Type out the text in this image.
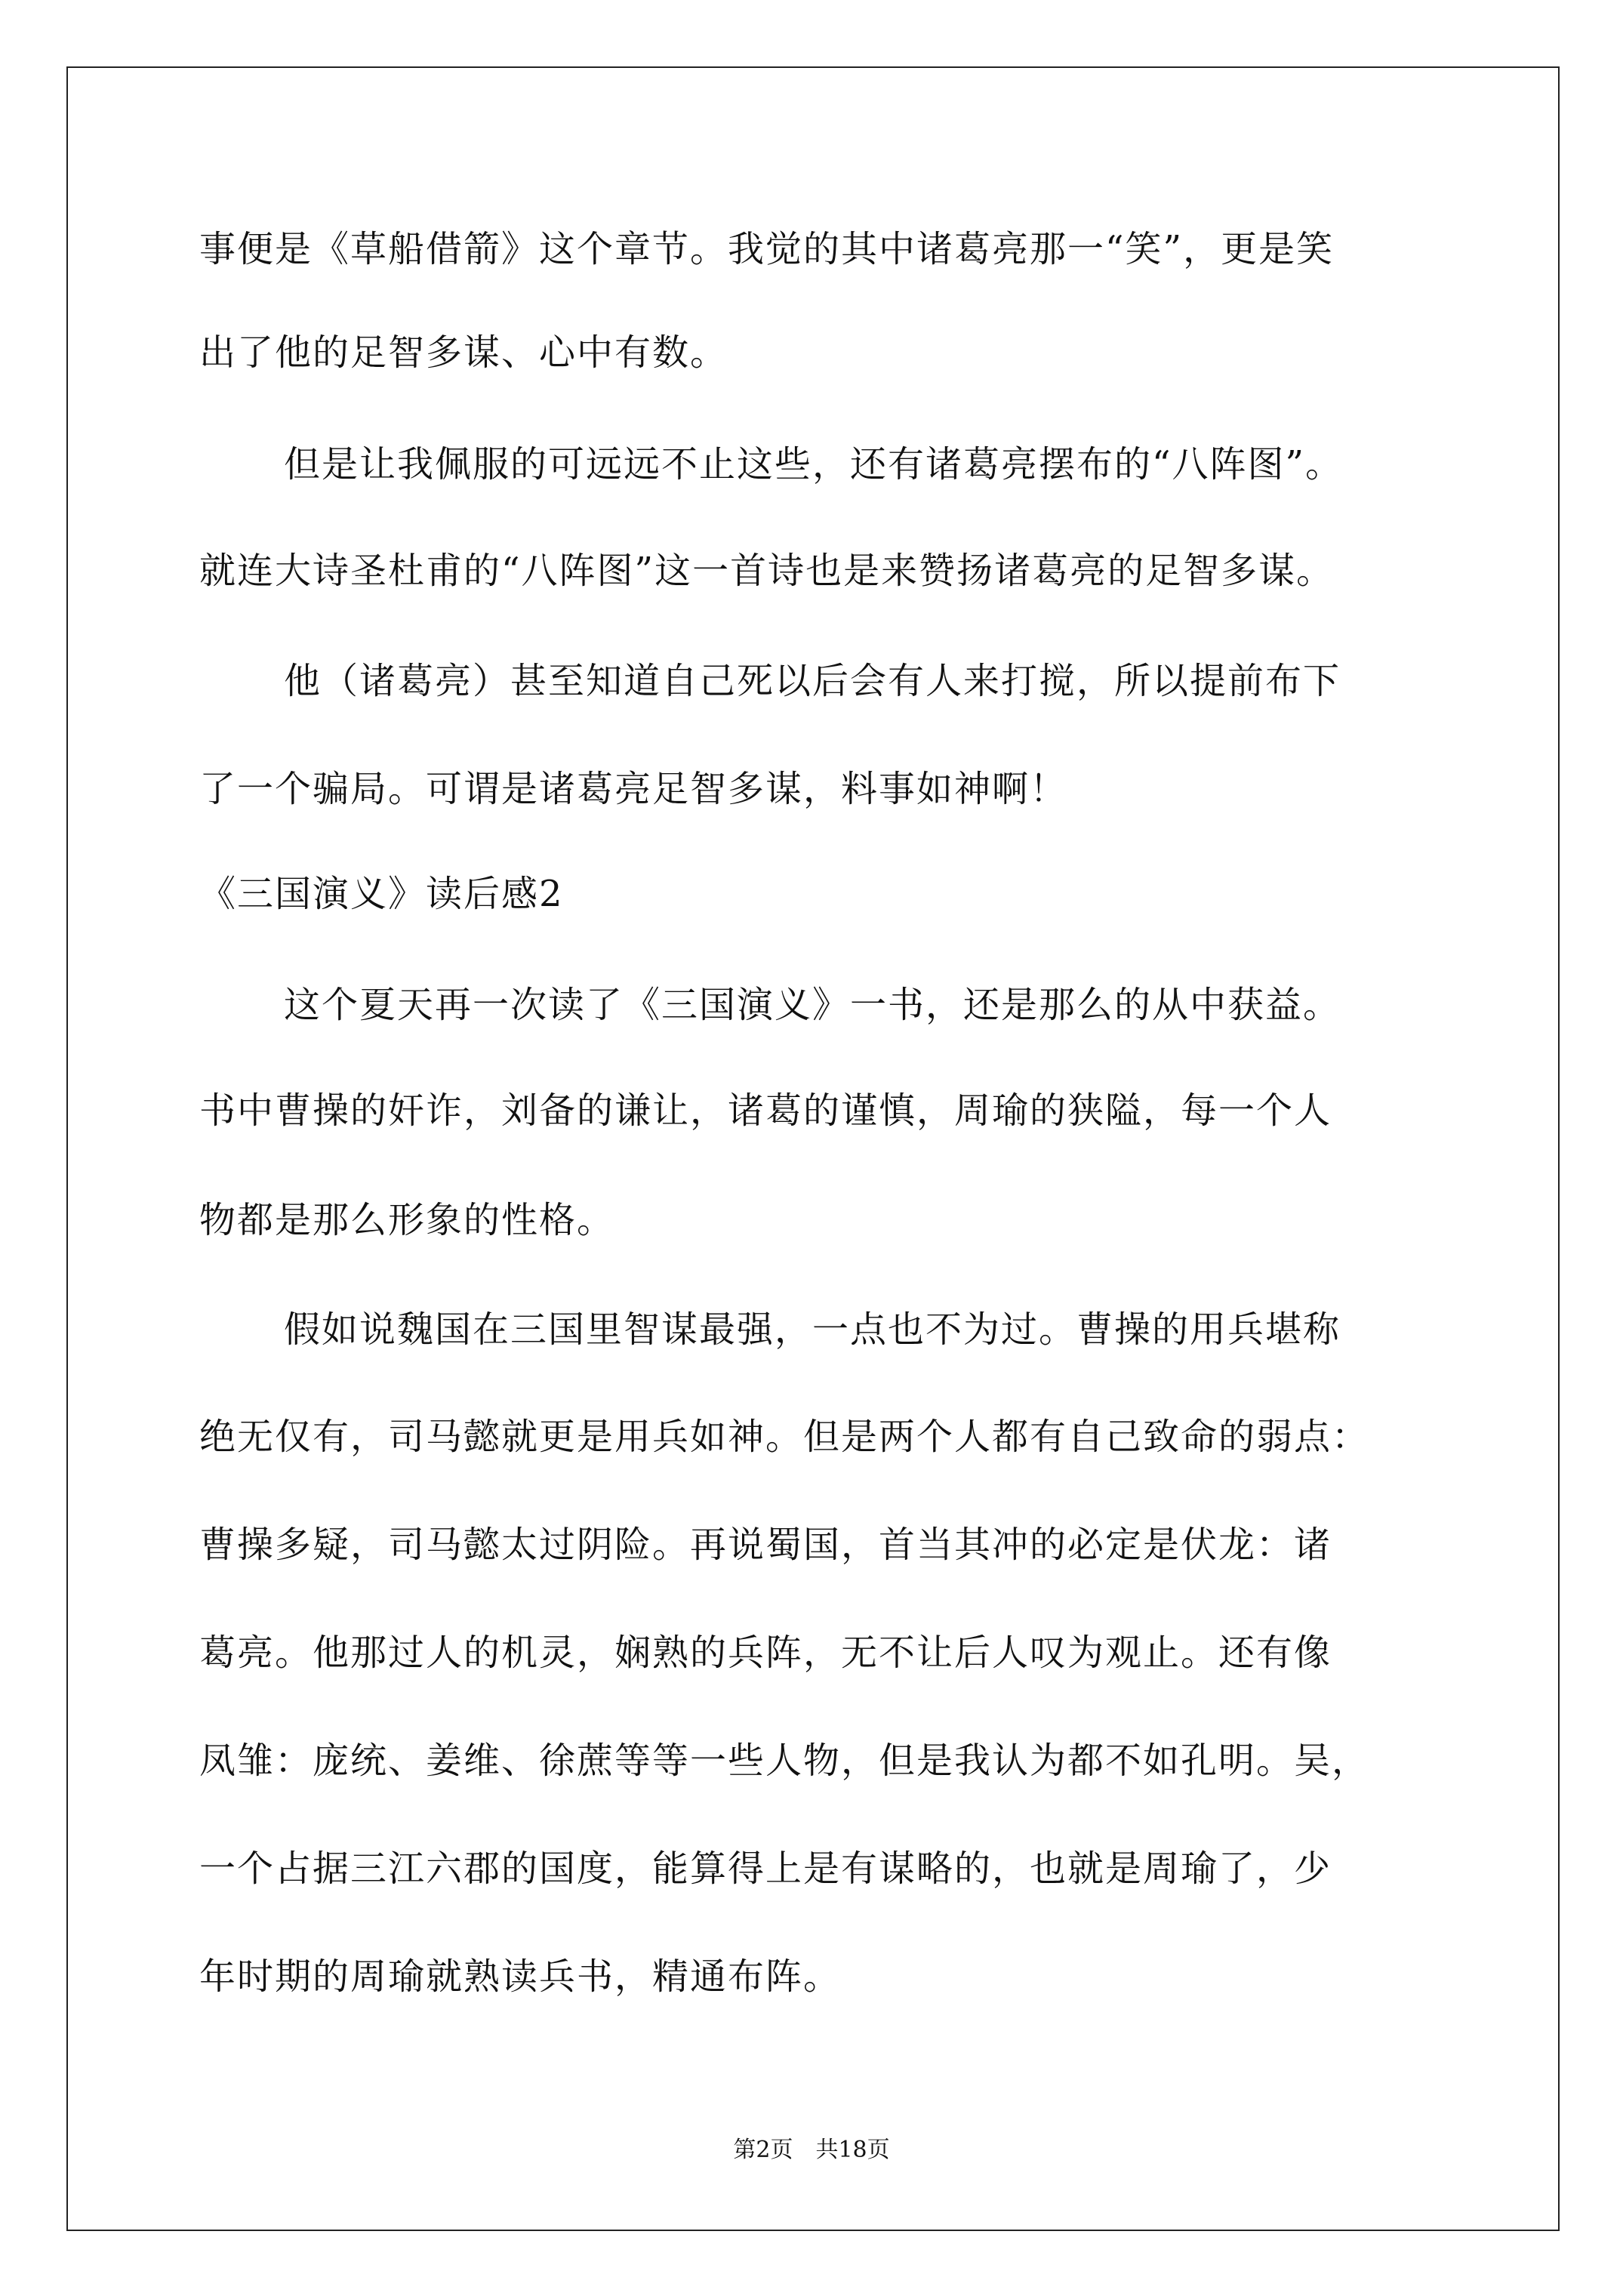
事便是《草船借箭》这个章节。我觉的其中诸葛亮那一“笑”，更是笑
出了他的足智多谋、心中有数。
但是让我佩服的可远远不止这些，还有诸葛亮摆布的“八阵图”。
就连大诗圣杜甫的“八阵图”这一首诗也是来赞扬诸葛亮的足智多谋。
他（诸葛亮）甚至知道自己死以后会有人来打搅，所以提前布下
了一个骗局。可谓是诸葛亮足智多谋，料事如神啊！
《三国演义》读后感2
这个夏天再一次读了《三国演义》一书，还是那么的从中获益。
书中曹操的奸诈，刘备的谦让，诸葛的谨慎，周瑜的狭隘，每一个人
物都是那么形象的性格。
假如说魏国在三国里智谋最强，一点也不为过。曹操的用兵堪称
绝无仅有，司马懿就更是用兵如神。但是两个人都有自己致命的弱点：
曹操多疑，司马懿太过阴险。再说蜀国，首当其冲的必定是伏龙：诸
葛亮。他那过人的机灵，娴熟的兵阵，无不让后人叹为观止。还有像
凤雏：庞统、姜维、徐蔗等等一些人物，但是我认为都不如孔明。吴，
一个占据三江六郡的国度，能算得上是有谋略的，也就是周瑜了，少
年时期的周瑜就熟读兵书，精通布阵。
第2页　共18页
